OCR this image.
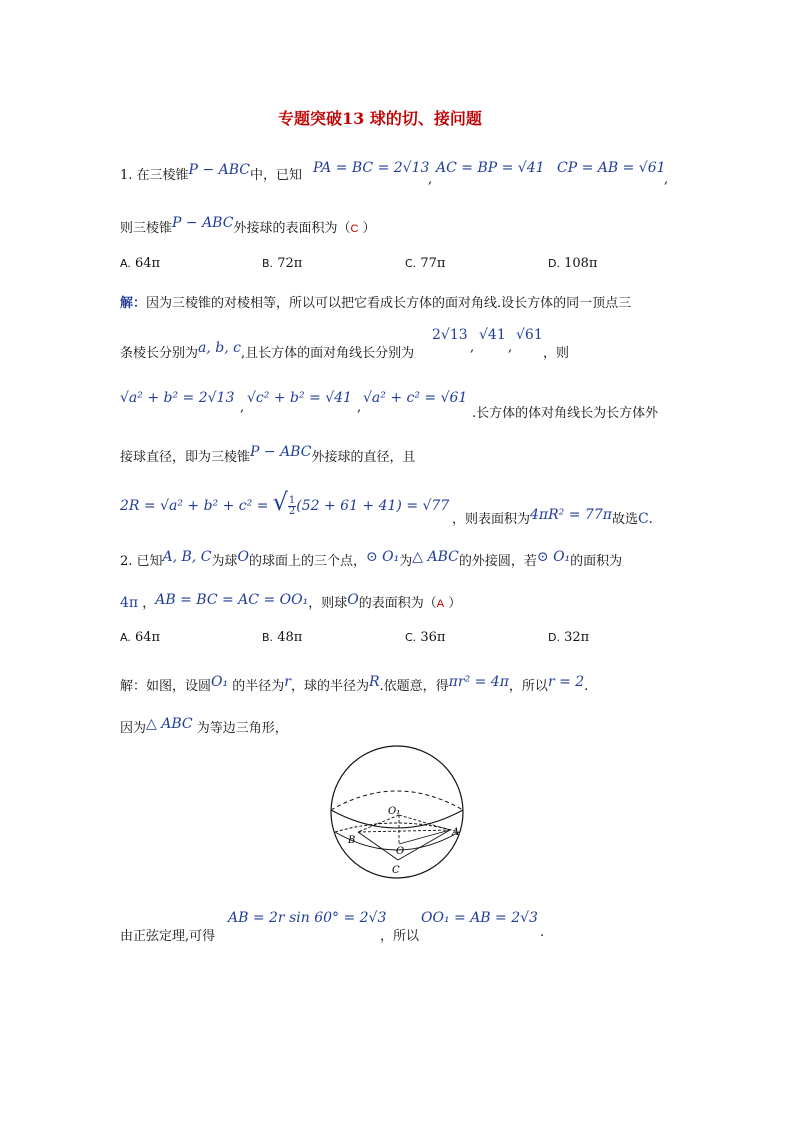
专题突破13 球的切、接问题
1. 在三棱锥P − ABC中，已知 PA = BC = 2√13
,
AC = BP = √41 CP = AB = √61
,
则三棱锥P − ABC外接球的表面积为（C ）
A. 64π	B. 72π	C. 77π	D. 108π
解：因为三棱锥的对棱相等，所以可以把它看成长方体的面对角线.设长方体的同一顶点三
条棱长分别为a, b, c,且长方体的面对角线长分别为
2√13
,
√41
,
√61
，则
√a² + b² = 2√13
,
√c² + b² = √41
,
√a² + c² = √61
.长方体的体对角线长为长方体外
接球直径，即为三棱锥P − ABC外接球的直径，且
2R = √a² + b² + c² = √ $\frac{1}{2} (52 + 61 + 41) = √77$
，则表面积为4πR² = 77π故选C.
2. 已知A, B, C为球O的球面上的三个点，⊙ O₁为△ ABC的外接圆，若⊙ O₁的面积为
4π ，AB = BC = AC = OO₁，则球O的表面积为（A ）
A. 64π	B. 48π	C. 36π	D. 32π
解：如图，设圆O₁ 的半径为r，球的半径为R.依题意，得πr² = 4π，所以r = 2.
因为△ ABC 为等边三角形，
O₁
A
B
O
C
由正弦定理,可得
AB = 2r sin 60° = 2√3
，所以
OO₁ = AB = 2√3
.
